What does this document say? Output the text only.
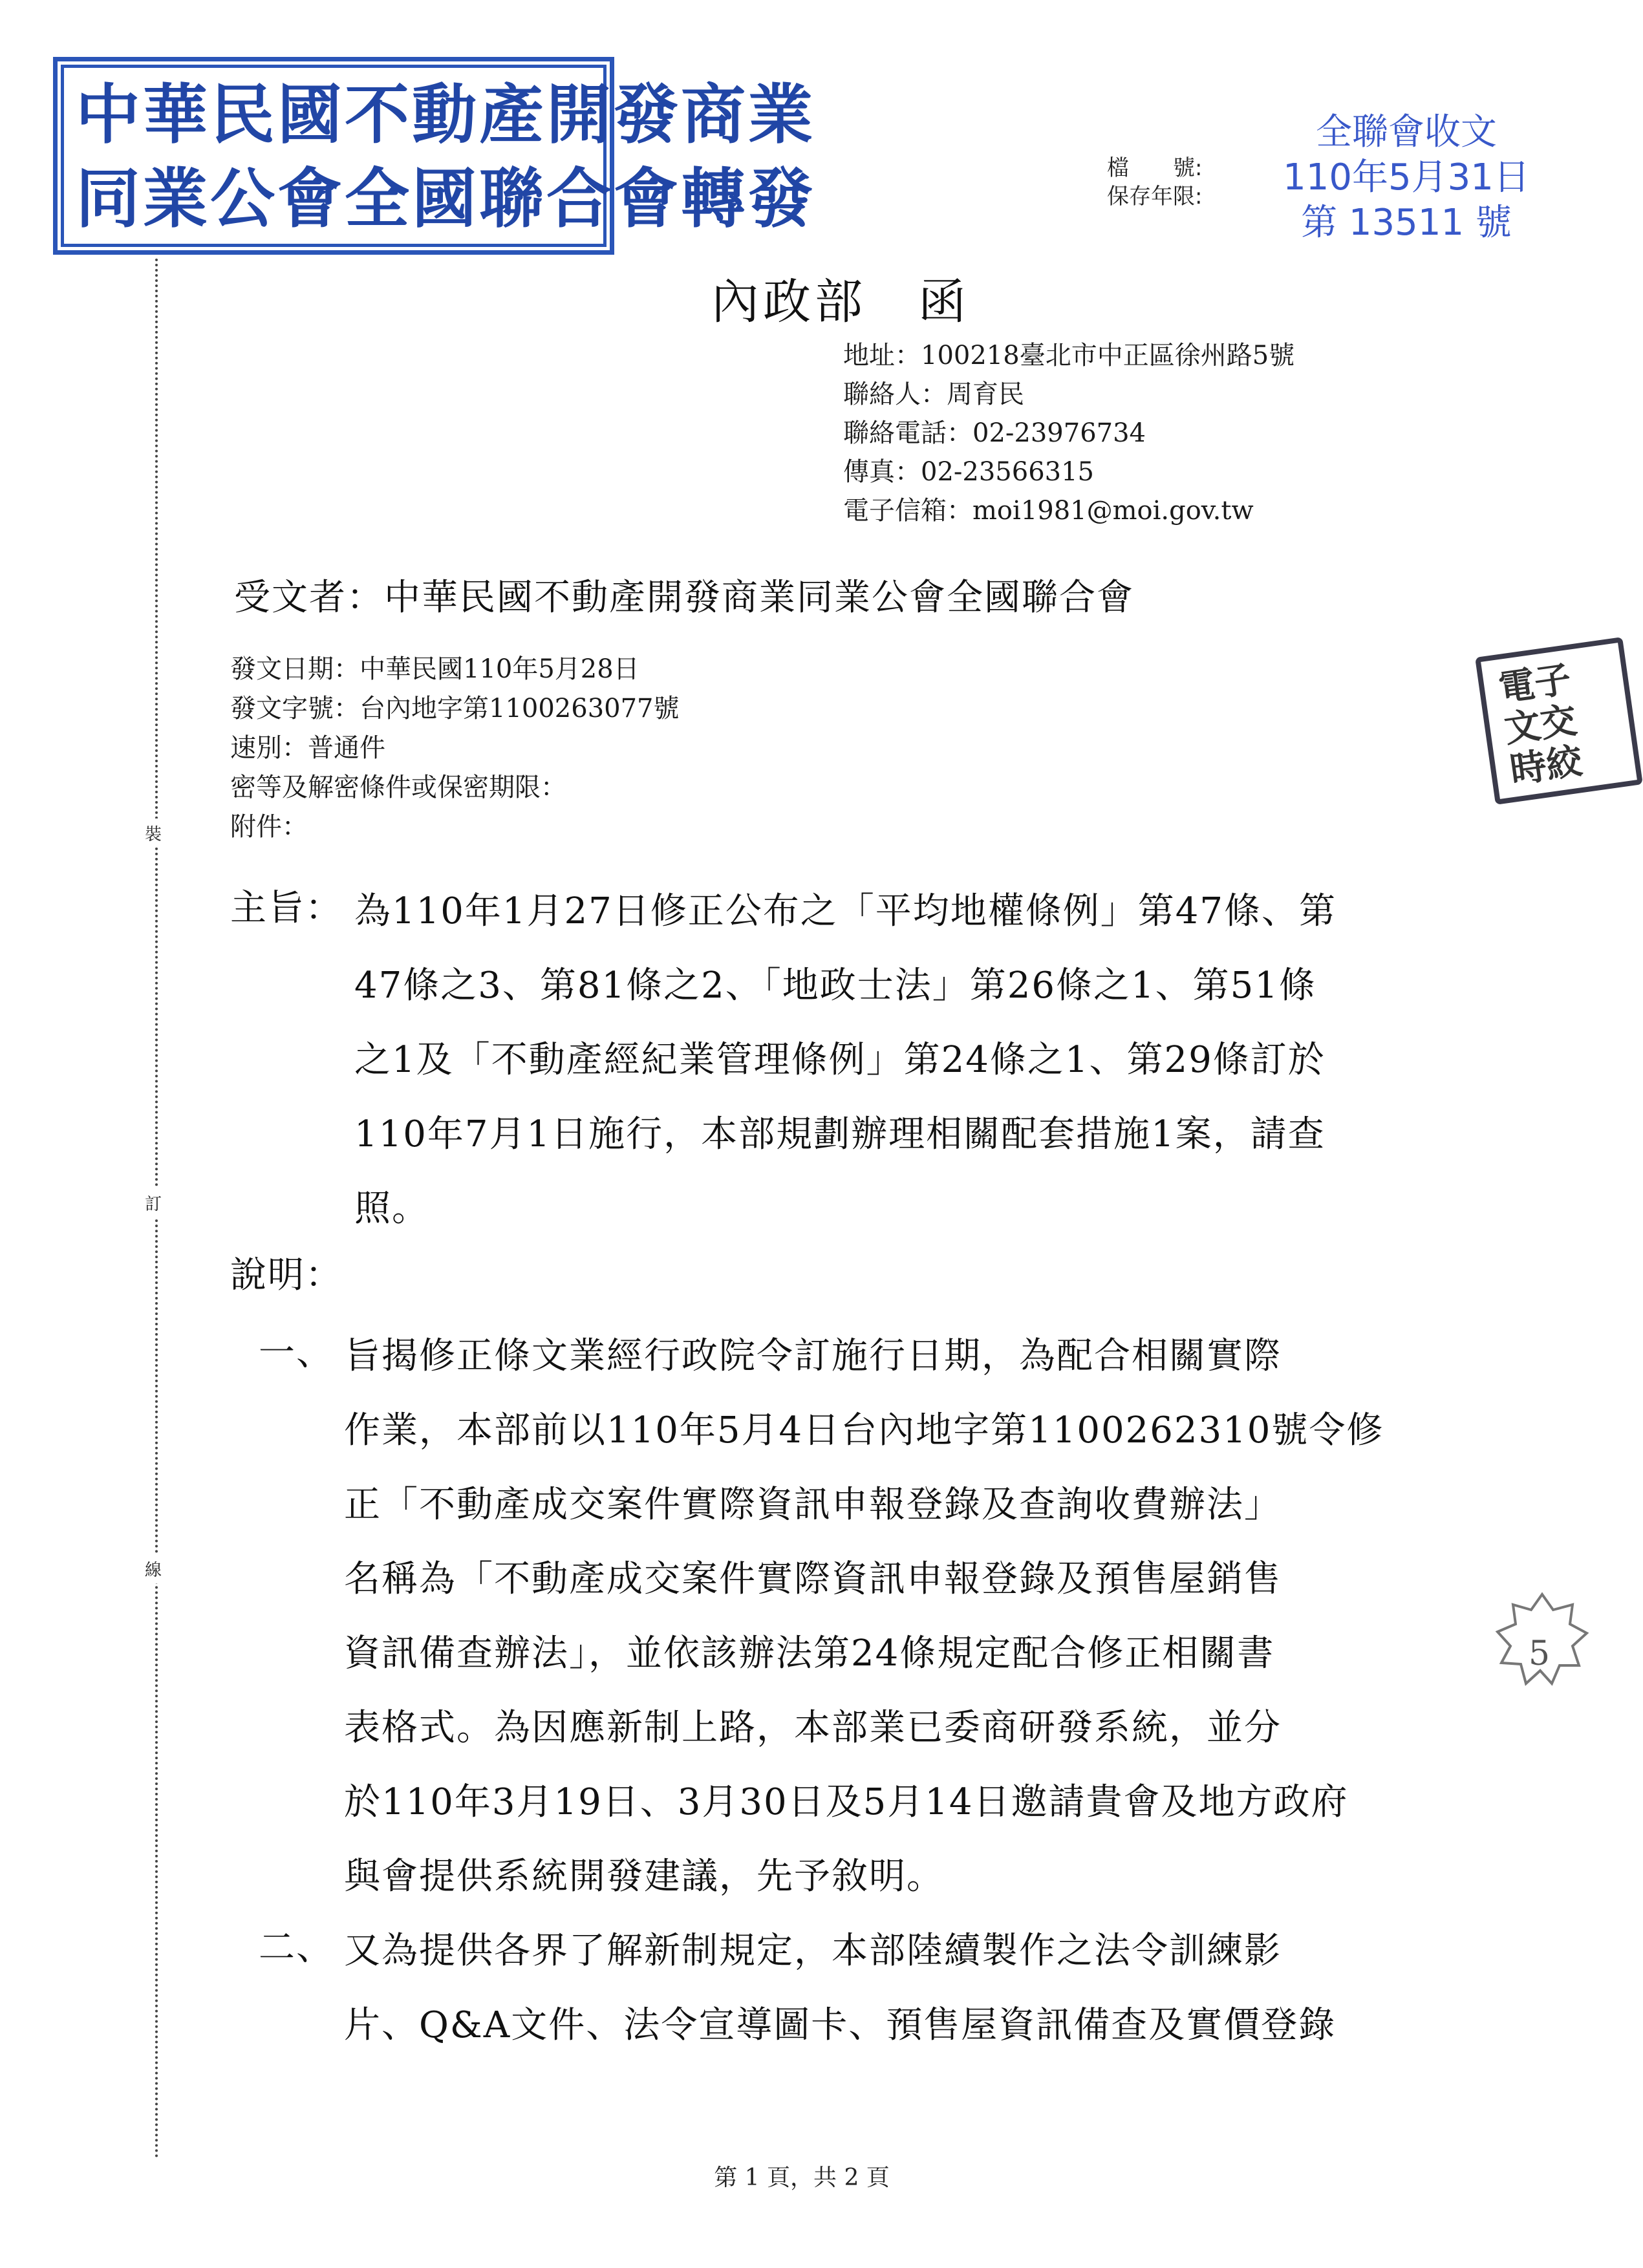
中華民國不動產開發商業
同業公會全國聯合會轉發	檔　　號:
保存年限:
全聯會收文
110年5月31日
第 13511 號
內政部　函
地址：100218臺北市中正區徐州路5號
聯絡人：周育民
聯絡電話：02-23976734
傳真：02-23566315
電子信箱：moi1981@moi.gov.tw
受文者：中華民國不動產開發商業同業公會全國聯合會
發文日期：中華民國110年5月28日
發文字號：台內地字第1100263077號
速別：普通件
密等及解密條件或保密期限：
附件：
主旨： 為110年1月27日修正公布之「平均地權條例」第47條、第
47條之3、第81條之2、「地政士法」第26條之1、第51條
之1及「不動產經紀業管理條例」第24條之1、第29條訂於
110年7月1日施行，本部規劃辦理相關配套措施1案，請查
照。
說明：
一、 旨揭修正條文業經行政院令訂施行日期，為配合相關實際
作業，本部前以110年5月4日台內地字第1100262310號令修
正「不動產成交案件實際資訊申報登錄及查詢收費辦法」
名稱為「不動產成交案件實際資訊申報登錄及預售屋銷售
資訊備查辦法」，並依該辦法第24條規定配合修正相關書
表格式。為因應新制上路，本部業已委商研發系統，並分
於110年3月19日、3月30日及5月14日邀請貴會及地方政府
與會提供系統開發建議，先予敘明。
二、 又為提供各界了解新制規定，本部陸續製作之法令訓練影
片、Q&A文件、法令宣導圖卡、預售屋資訊備查及實價登錄
裝
訂
線
電子
文交
時絞
5
第 1 頁，共 2 頁
